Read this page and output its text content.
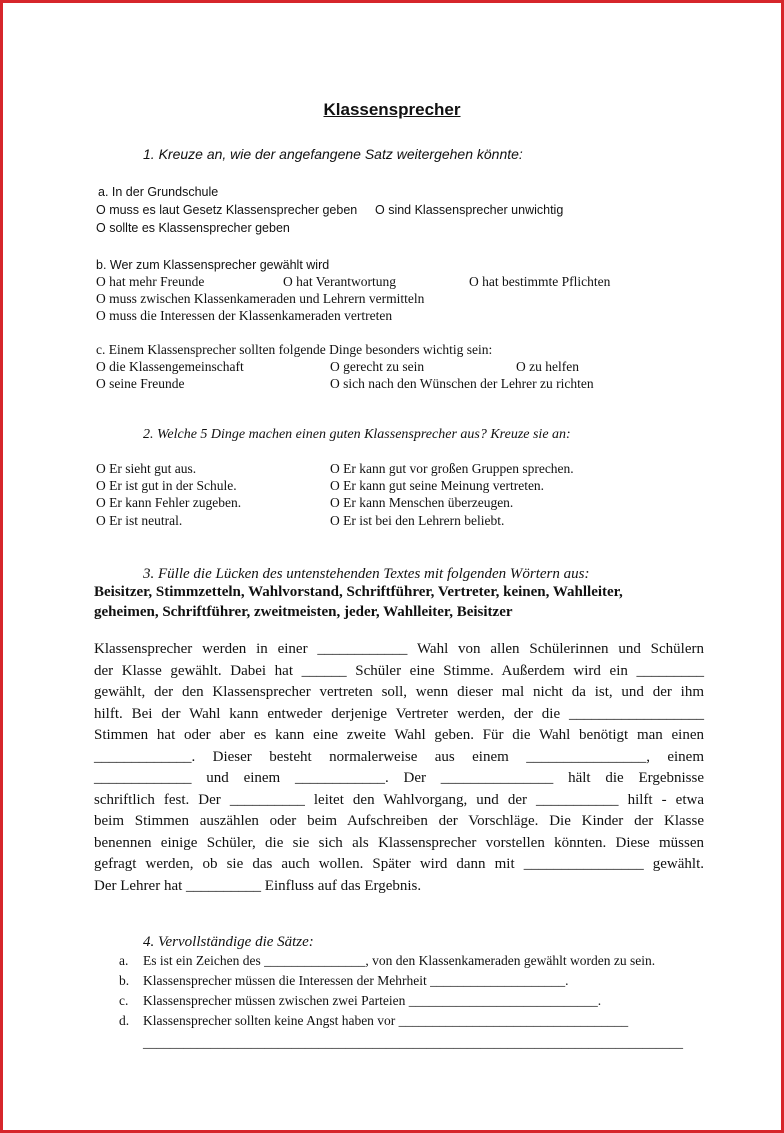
Klassensprecher
1. Kreuze an, wie der angefangene Satz weitergehen könnte:
a. In der Grundschule
O muss es laut Gesetz Klassensprecher geben O sind Klassensprecher unwichtig
O sollte es Klassensprecher geben
b. Wer zum Klassensprecher gewählt wird
O hat mehr Freunde	O hat Verantwortung	O hat bestimmte Pflichten
O muss zwischen Klassenkameraden und Lehrern vermitteln
O muss die Interessen der Klassenkameraden vertreten
c. Einem Klassensprecher sollten folgende Dinge besonders wichtig sein:
O die Klassengemeinschaft	O gerecht zu sein	O zu helfen
O seine Freunde	O sich nach den Wünschen der Lehrer zu richten
2. Welche 5 Dinge machen einen guten Klassensprecher aus? Kreuze sie an:
O Er sieht gut aus.
O Er ist gut in der Schule.
O Er kann Fehler zugeben.
O Er ist neutral.
O Er kann gut vor großen Gruppen sprechen.
O Er kann gut seine Meinung vertreten.
O Er kann Menschen überzeugen.
O Er ist bei den Lehrern beliebt.
3. Fülle die Lücken des untenstehenden Textes mit folgenden Wörtern aus:
Beisitzer, Stimmzetteln, Wahlvorstand, Schriftführer, Vertreter, keinen, Wahlleiter,
geheimen, Schriftführer, zweitmeisten, jeder, Wahlleiter, Beisitzer
Klassensprecher werden in einer ____________ Wahl von allen Schülerinnen und Schülern
der Klasse gewählt. Dabei hat ______ Schüler eine Stimme. Außerdem wird ein _________
gewählt, der den Klassensprecher vertreten soll, wenn dieser mal nicht da ist, und der ihm
hilft. Bei der Wahl kann entweder derjenige Vertreter werden, der die __________________
Stimmen hat oder aber es kann eine zweite Wahl geben. Für die Wahl benötigt man einen
_____________. Dieser besteht normalerweise aus einem ________________, einem
_____________ und einem ____________. Der _______________ hält die Ergebnisse
schriftlich fest. Der __________ leitet den Wahlvorgang, und der ___________ hilft - etwa
beim Stimmen auszählen oder beim Aufschreiben der Vorschläge. Die Kinder der Klasse
benennen einige Schüler, die sie sich als Klassensprecher vorstellen könnten. Diese müssen
gefragt werden, ob sie das auch wollen. Später wird dann mit ________________ gewählt.
Der Lehrer hat __________ Einfluss auf das Ergebnis.
4. Vervollständige die Sätze:
a. Es ist ein Zeichen des _______________, von den Klassenkameraden gewählt worden zu sein.
b. Klassensprecher müssen die Interessen der Mehrheit ____________________.
c. Klassensprecher müssen zwischen zwei Parteien ____________________________.
d. Klassensprecher sollten keine Angst haben vor __________________________________
________________________________________________________________________________
